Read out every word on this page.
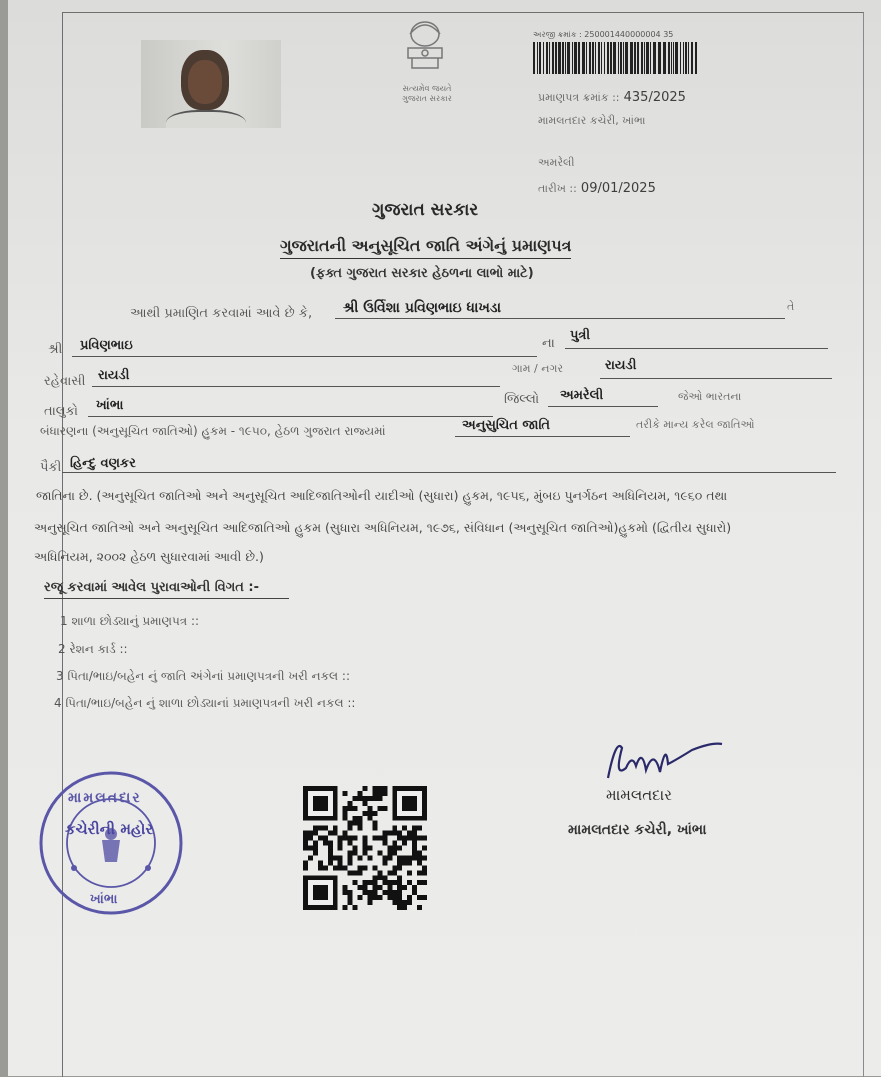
સત્યમેવ જયતે ગુજરાત સરકાર
અરજી ક્રમાંક : 250001440000004 35
પ્રમાણપત્ર ક્રમાંક :: 435/2025
મામલતદાર કચેરી, ખાંભા
અમરેલી
તારીખ :: 09/01/2025
ગુજરાત સરકાર
ગુજરાતની અનુસૂચિત જાતિ અંગેનું પ્રમાણપત્ર
(ફક્ત ગુજરાત સરકાર હેઠળના લાભો માટે)
આથી પ્રમાણિત કરવામાં આવે છે કે, શ્રી ઉર્વિશા પ્રવિણભાઇ ધાખડા	તે
શ્રી પ્રવિણભાઇ	ના
પુત્રી
રહેવાસી રાયડી	ગામ / નગર	રાયડી
તાલુકો ખાંભા	જિલ્લો અમરેલી	જેઓ ભારતના
બંધારણના (અનુસૂચિત જાતિઓ) હુકમ - ૧૯૫૦, હેઠળ ગુજરાત રાજ્યમાં	અનુસુચિત જાતિ	તરીકે માન્ય કરેલ જાતિઓ
પૈકી હિન્દુ વણકર
જાતિના છે. (અનુસૂચિત જાતિઓ અને અનુસૂચિત આદિજાતિઓની યાદીઓ (સુધારા) હુકમ, ૧૯૫૬, મુંબઇ પુનર્ગઠન અધિનિયમ, ૧૯૬૦ તથા
અનુસૂચિત જાતિઓ અને અનુસૂચિત આદિજાતિઓ હુકમ (સુધારા અધિનિયમ, ૧૯૭૬, સંવિધાન (અનુસૂચિત જાતિઓ)હુકમો (દ્વિતીય સુધારો)
અધિનિયમ, ૨૦૦૨ હેઠળ સુધારવામાં આવી છે.)
રજૂ કરવામાં આવેલ પુરાવાઓની વિગત :-
1 શાળા છોડ્યાનું પ્રમાણપત્ર ::
2 રેશન કાર્ડ ::
3 પિતા/ભાઇ/બહેન નું જાતિ અંગેનાં પ્રમાણપત્રની ખરી નકલ ::
4 પિતા/ભાઇ/બહેન નું શાળા છોડ્યાનાં પ્રમાણપત્રની ખરી નકલ ::
મામલતદાર
કચેરીની મહોર
ખાંભા
મામલતદાર
મામલતદાર કચેરી, ખાંભા
